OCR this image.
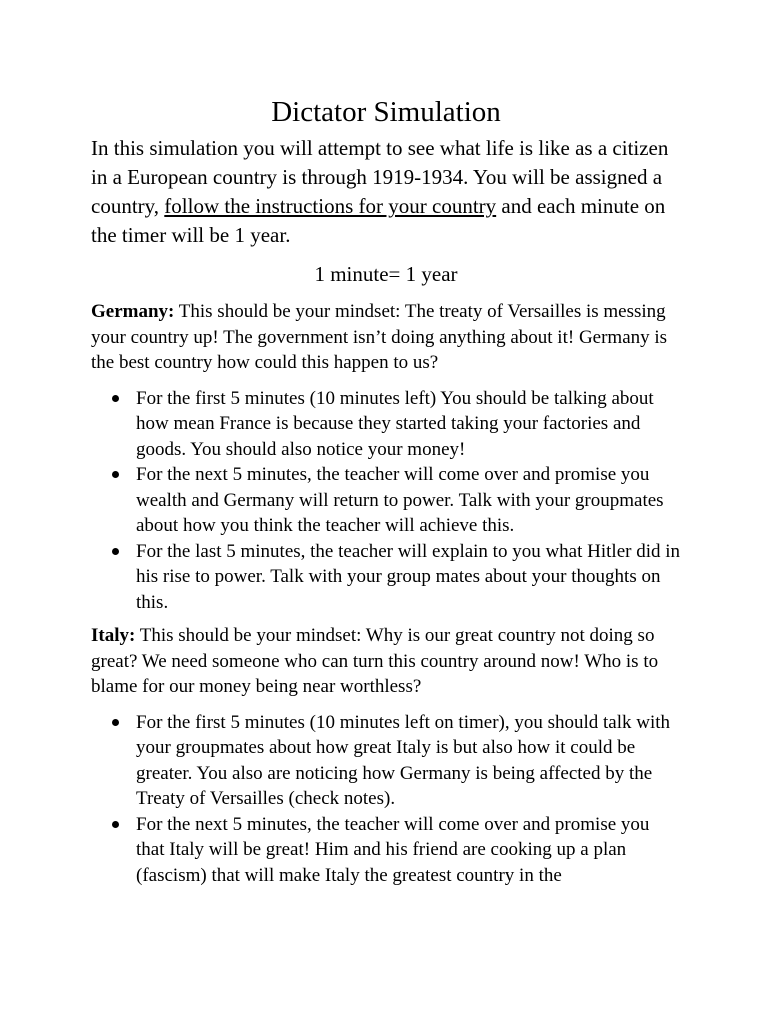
Dictator Simulation

In this simulation you will attempt to see what life is like as a citizen in a European country is through 1919-1934. You will be assigned a country, follow the instructions for your country and each minute on the timer will be 1 year.

1 minute= 1 year

Germany: This should be your mindset: The treaty of Versailles is messing your country up! The government isn’t doing anything about it! Germany is the best country how could this happen to us?

For the first 5 minutes (10 minutes left) You should be talking about how mean France is because they started taking your factories and goods. You should also notice your money!
For the next 5 minutes, the teacher will come over and promise you wealth and Germany will return to power. Talk with your groupmates about how you think the teacher will achieve this.
For the last 5 minutes, the teacher will explain to you what Hitler did in his rise to power. Talk with your group mates about your thoughts on this.

Italy: This should be your mindset: Why is our great country not doing so great? We need someone who can turn this country around now! Who is to blame for our money being near worthless?

For the first 5 minutes (10 minutes left on timer), you should talk with your groupmates about how great Italy is but also how it could be greater. You also are noticing how Germany is being affected by the Treaty of Versailles (check notes).
For the next 5 minutes, the teacher will come over and promise you that Italy will be great! Him and his friend are cooking up a plan (fascism) that will make Italy the greatest country in the
